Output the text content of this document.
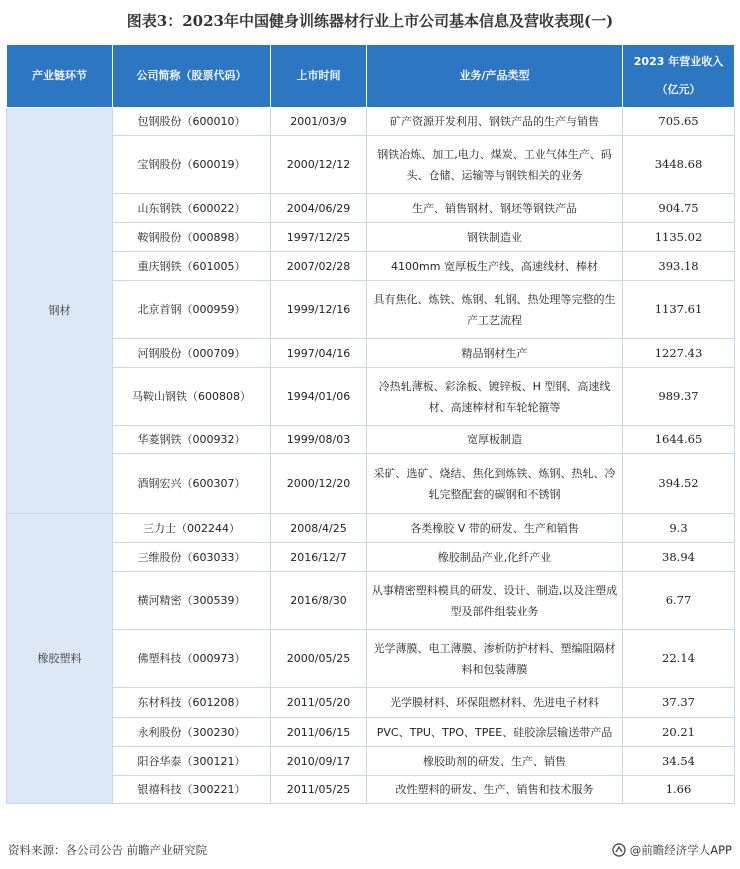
图表3：2023年中国健身训练器材行业上市公司基本信息及营收表现(一)
产业链环节	公司简称（股票代码）	上市时间	业务/产品类型	2023 年营业收入（亿元）
钢材	包钢股份（600010）	2001/03/9	矿产资源开发利用、钢铁产品的生产与销售	705.65
	宝钢股份（600019）	2000/12/12	钢铁冶炼、加工,电力、煤炭、工业气体生产、码头、仓储、运输等与钢铁相关的业务	3448.68
	山东钢铁（600022）	2004/06/29	生产、销售钢材、钢坯等钢铁产品	904.75
	鞍钢股份（000898）	1997/12/25	钢铁制造业	1135.02
	重庆钢铁（601005）	2007/02/28	4100mm 宽厚板生产线、高速线材、棒材	393.18
	北京首钢（000959）	1999/12/16	具有焦化、炼铁、炼钢、轧钢、热处理等完整的生产工艺流程	1137.61
	河钢股份（000709）	1997/04/16	精品钢材生产	1227.43
	马鞍山钢铁（600808）	1994/01/06	冷热轧薄板、彩涂板、镀锌板、H 型钢、高速线材、高速棒材和车轮轮箍等	989.37
	华菱钢铁（000932）	1999/08/03	宽厚板制造	1644.65
	酒钢宏兴（600307）	2000/12/20	采矿、选矿、烧结、焦化到炼铁、炼钢、热轧、冷轧完整配套的碳钢和不锈钢	394.52
橡胶塑料	三力士（002244）	2008/4/25	各类橡胶 V 带的研发、生产和销售	9.3
	三维股份（603033）	2016/12/7	橡胶制品产业,化纤产业	38.94
	横河精密（300539）	2016/8/30	从事精密塑料模具的研发、设计、制造,以及注塑成型及部件组装业务	6.77
	佛塑科技（000973）	2000/05/25	光学薄膜、电工薄膜、渗析防护材料、塑编阻隔材料和包装薄膜	22.14
	东材科技（601208）	2011/05/20	光学膜材料、环保阻燃材料、先进电子材料	37.37
	永利股份（300230）	2011/06/15	PVC、TPU、TPO、TPEE、硅胶涂层输送带产品	20.21
	阳谷华泰（300121）	2010/09/17	橡胶助剂的研发、生产、销售	34.54
	银禧科技（300221）	2011/05/25	改性塑料的研发、生产、销售和技术服务	1.66
资料来源：各公司公告 前瞻产业研究院	@前瞻经济学人APP
